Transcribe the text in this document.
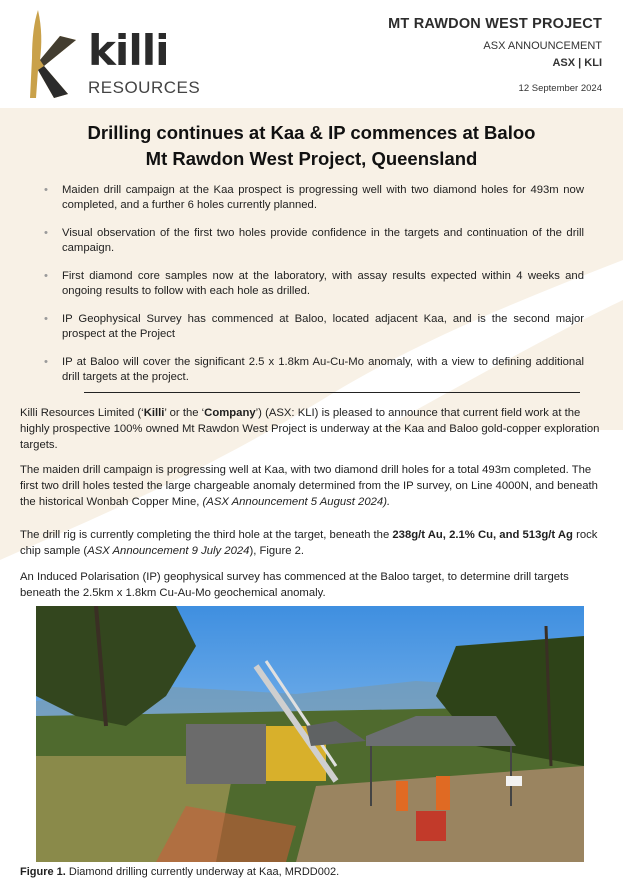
killi
RESOURCES
MT RAWDON WEST PROJECT
ASX ANNOUNCEMENT
ASX | KLI
12 September 2024
Drilling continues at Kaa & IP commences at Baloo
Mt Rawdon West Project, Queensland
• Maiden drill campaign at the Kaa prospect is progressing well with two diamond holes for 493m now completed, and a further 6 holes currently planned.
• Visual observation of the first two holes provide confidence in the targets and continuation of the drill campaign.
• First diamond core samples now at the laboratory, with assay results expected within 4 weeks and ongoing results to follow with each hole as drilled.
• IP Geophysical Survey has commenced at Baloo, located adjacent Kaa, and is the second major prospect at the Project
• IP at Baloo will cover the significant 2.5 x 1.8km Au-Cu-Mo anomaly, with a view to defining additional drill targets at the project.
Killi Resources Limited (‘Killi’ or the ‘Company’) (ASX: KLI) is pleased to announce that current field work at the highly prospective 100% owned Mt Rawdon West Project is underway at the Kaa and Baloo gold-copper exploration targets.
The maiden drill campaign is progressing well at Kaa, with two diamond drill holes for a total 493m completed. The first two drill holes tested the large chargeable anomaly determined from the IP survey, on Line 4000N, and beneath the historical Wonbah Copper Mine, (ASX Announcement 5 August 2024).
The drill rig is currently completing the third hole at the target, beneath the 238g/t Au, 2.1% Cu, and 513g/t Ag rock chip sample (ASX Announcement 9 July 2024), Figure 2.
An Induced Polarisation (IP) geophysical survey has commenced at the Baloo target, to determine drill targets beneath the 2.5km x 1.8km Cu-Au-Mo geochemical anomaly.
Figure 1. Diamond drilling currently underway at Kaa, MRDD002.
